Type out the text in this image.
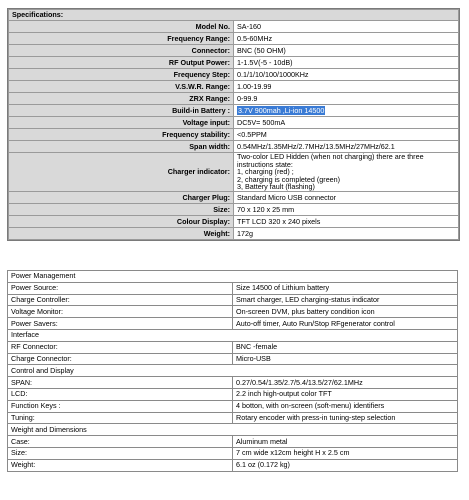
Specifications:	
Model No.	SA-160
Frequency Range:	0.5-60MHz
Connector:	BNC (50 OHM)
RF Output Power:	1-1.5V(-5 - 10dB)
Frequency Step:	0.1/1/10/100/1000KHz
V.S.W.R. Range:	1.00-19.99
ZRX Range:	0-99.9
Build-in Battery :	3.7V 900mah ,Li-ion 14500
Voltage input:	DC5V= 500mA
Frequency stability:	<0.5PPM
Span width:	0.54MHz/1.35MHz/2.7MHz/13.5MHz/27MHz/62.1
Charger indicator:	Two-color LED Hidden (when not charging) there are three instructions state:
1, charging (red) ;
2, charging is completed (green)
3, Battery fault (flashing)

Charger Plug:	Standard Micro USB connector
Size:	70 x 120 x 25 mm
Colour Display:	TFT LCD 320 x 240 pixels
Weight:	172g
Power Management	
Power Source:	Size 14500 of Lithium battery
Charge Controller:	Smart charger, LED charging-status indicator
Voltage Monitor:	On-screen DVM, plus battery condition icon
Power Savers:	Auto-off timer, Auto Run/Stop RFgenerator control
Interface	
RF Connector:	BNC -female
Charge Connector:	Micro-USB
Control and Display	
SPAN:	0.27/0.54/1.35/2.7/5.4/13.5/27/62.1MHz
LCD:	2.2 inch high-output color TFT
Function Keys :	4 botton, with on-screen (soft-menu) identifiers
Tuning:	Rotary encoder with press-in tuning-step selection
Weight and Dimensions	
Case:	Aluminum metal
Size:	7 cm wide x12cm height H x 2.5 cm
Weight:	6.1 oz (0.172 kg)
